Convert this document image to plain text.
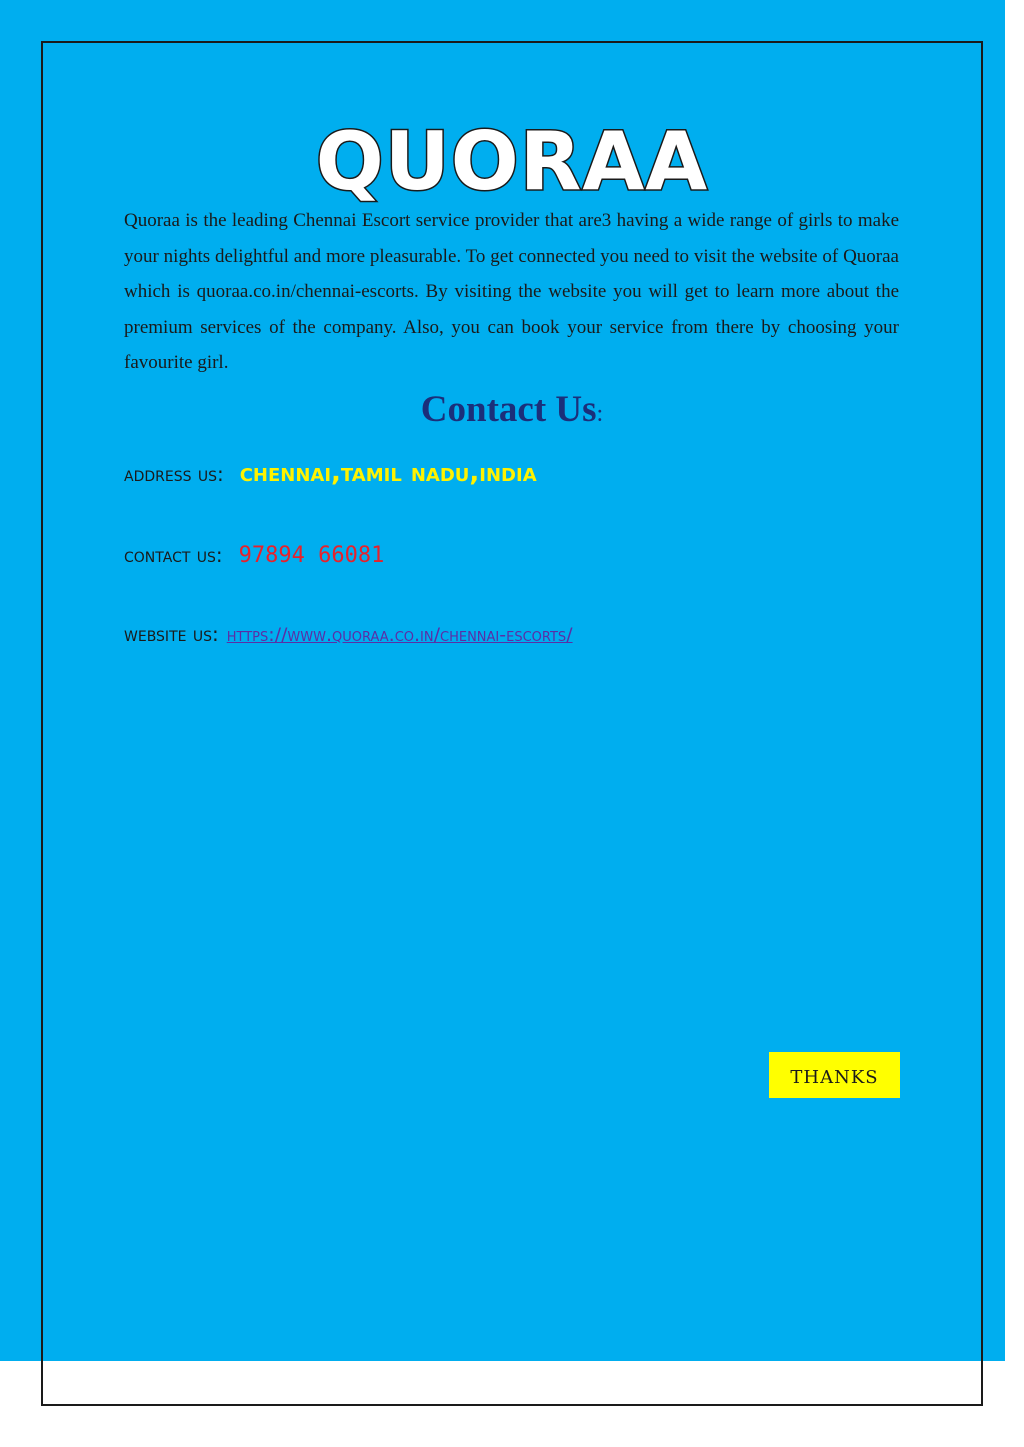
QUORAA

Quoraa is the leading Chennai Escort service provider that are3 having a wide range of girls to make your nights delightful and more pleasurable. To get connected you need to visit the website of Quoraa which is quoraa.co.in/chennai-escorts. By visiting the website you will get to learn more about the premium services of the company. Also, you can book your service from there by choosing your favourite girl.

Contact Us:
address us: chennai,tamil nadu,india
contact us: 97894 66081
website us: https://www.quoraa.co.in/chennai-escorts/
thanks
